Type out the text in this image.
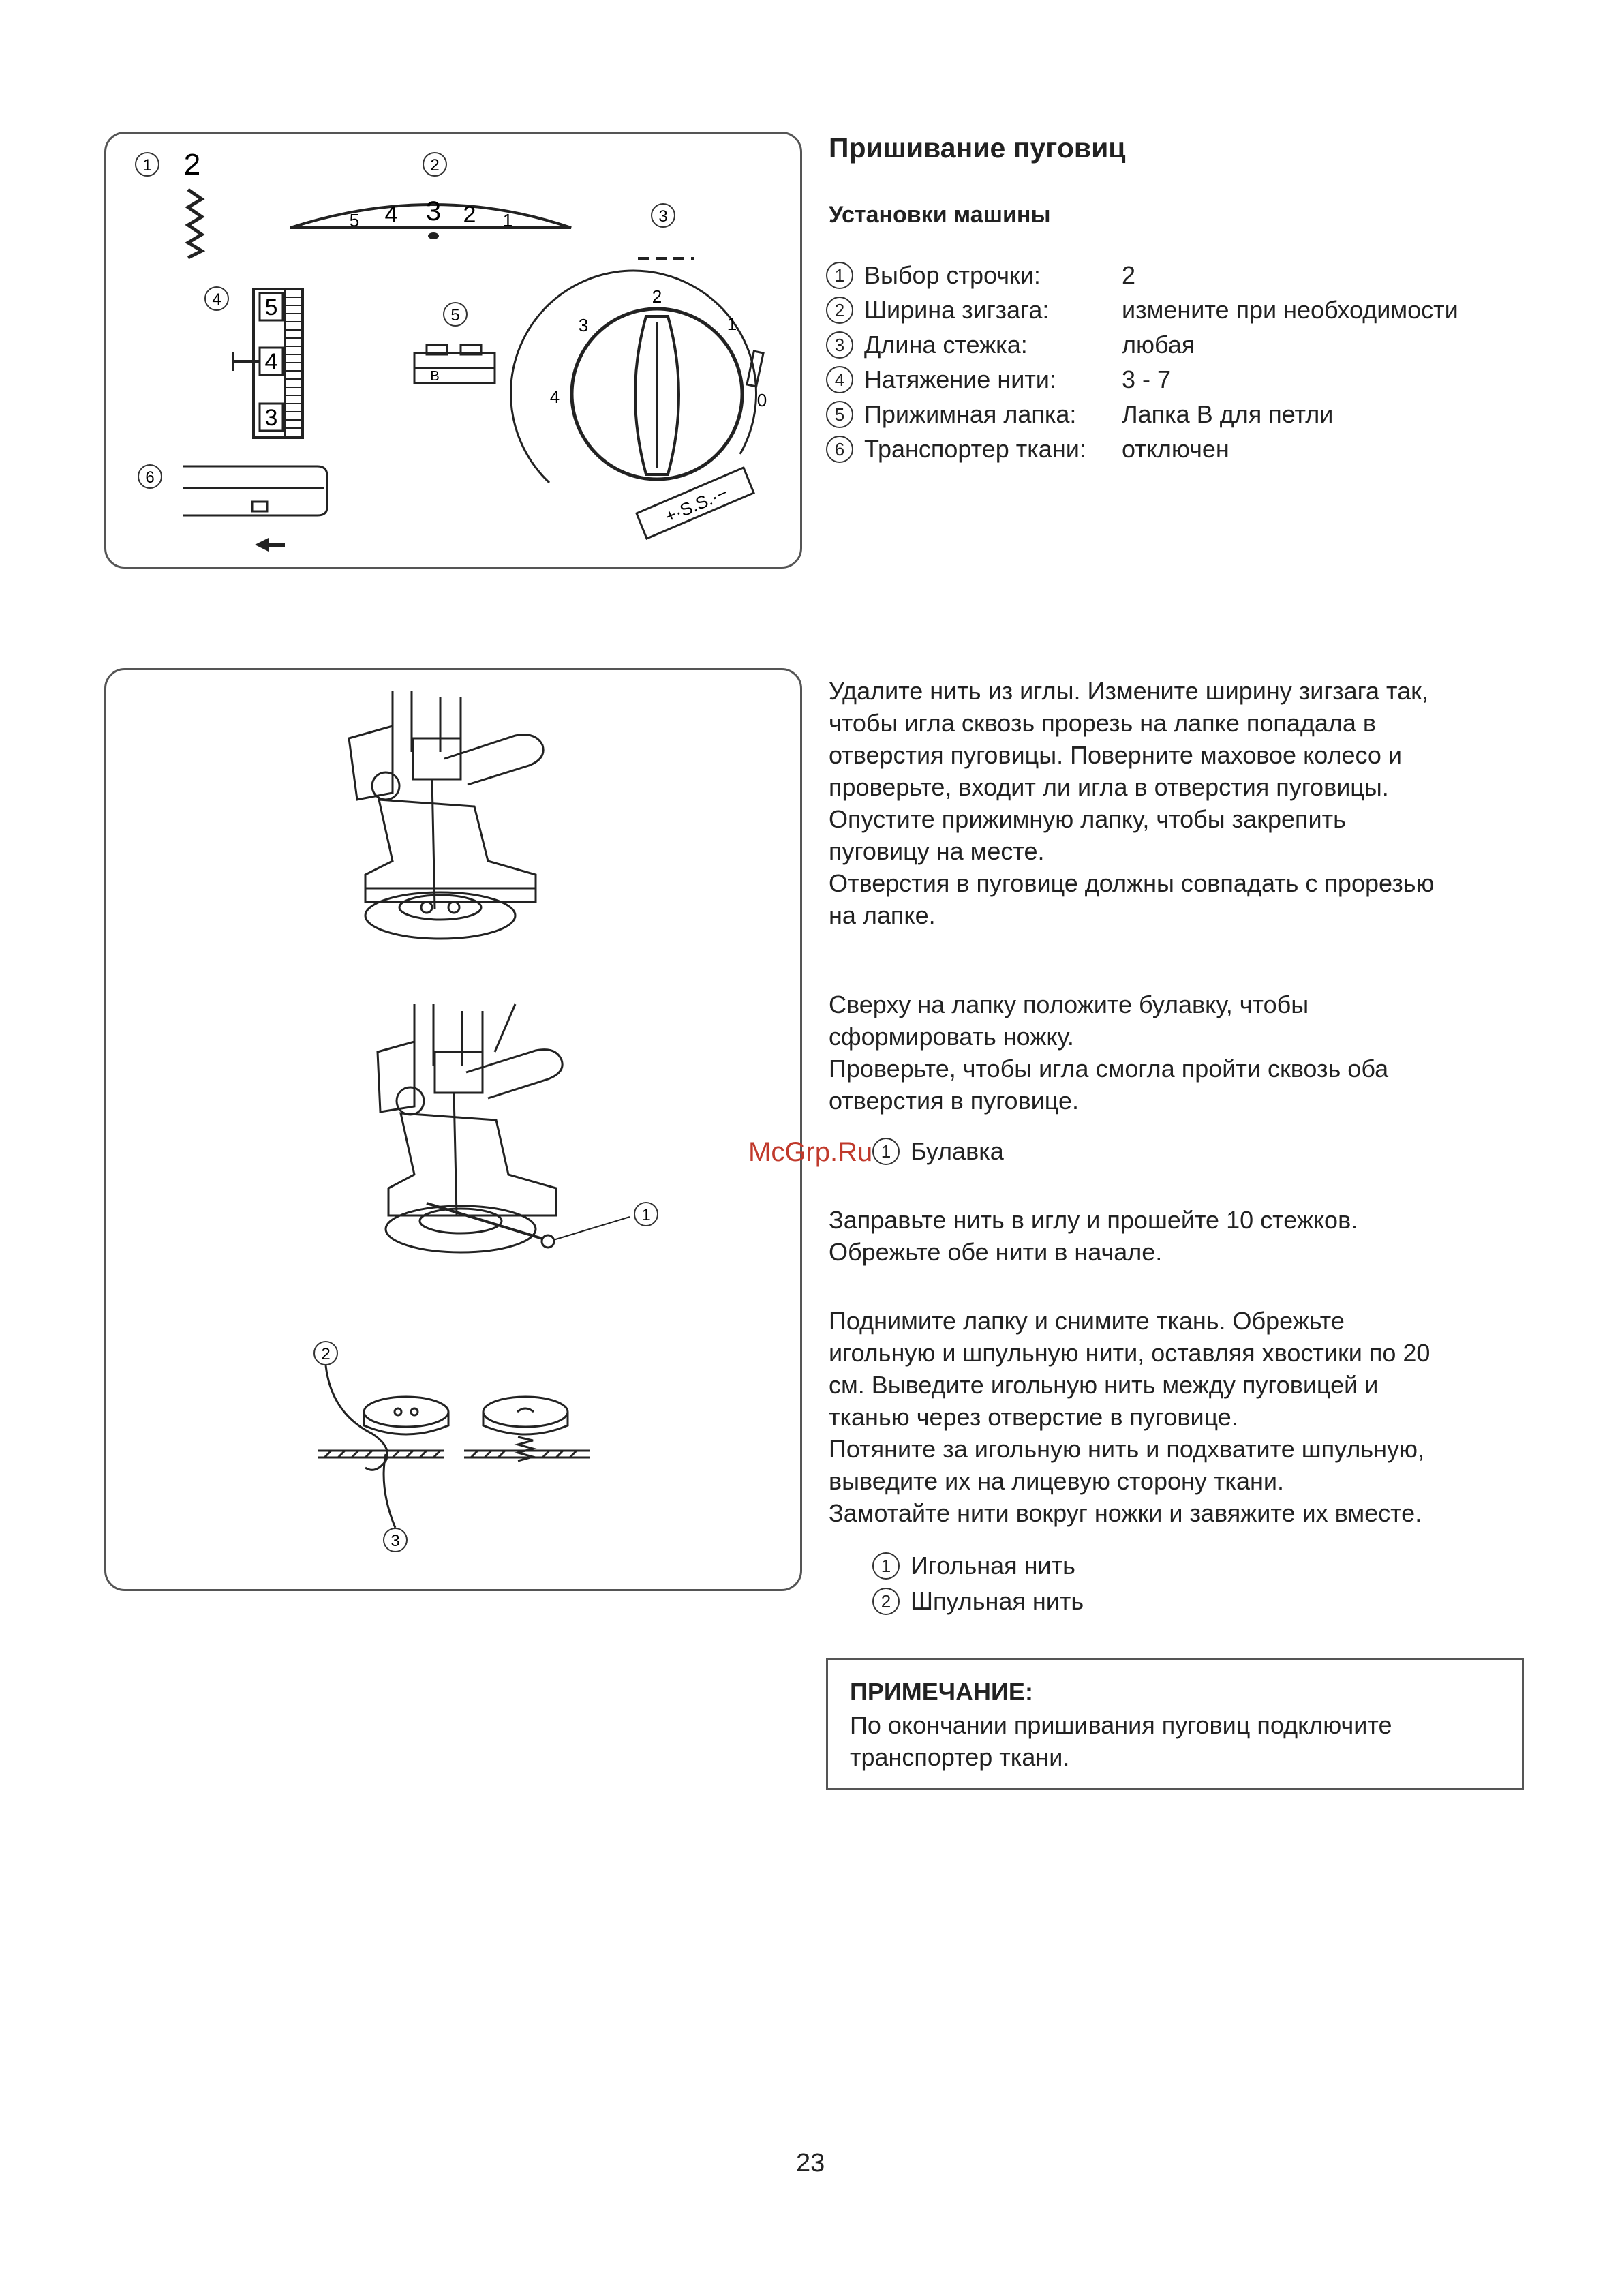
1 2	2
5 4 3 2 1	3
4 5
4
3
5
B
2
3
4
1
0
+·S.S.·−
6
Пришивание пуговиц
Установки машины
1 Выбор строчки:	2
2 Ширина зигзага:	измените при необходимости
3 Длина стежка:	любая
4 Натяжение нити:	3 - 7
5 Прижимная лапка:	Лапка B для петли
6 Транспортер ткани:	отключен
1
2
3
Удалите нить из иглы. Измените ширину зигзага так,
чтобы игла сквозь прорезь на лапке попадала в
отверстия пуговицы. Поверните маховое колесо и
проверьте, входит ли игла в отверстия пуговицы.
Опустите прижимную лапку, чтобы закрепить
пуговицу на месте.
Отверстия в пуговице должны совпадать с прорезью
на лапке.
Сверху на лапку положите булавку, чтобы
сформировать ножку.
Проверьте, чтобы игла смогла пройти сквозь оба
отверстия в пуговице.
1 Булавка

McGrp.Ru

Заправьте нить в иглу и прошейте 10 стежков.
Обрежьте обе нити в начале.
Поднимите лапку и снимите ткань. Обрежьте
игольную и шпульную нити, оставляя хвостики по 20
см. Выведите игольную нить между пуговицей и
тканью через отверстие в пуговице.
Потяните за игольную нить и подхватите шпульную,
выведите их на лицевую сторону ткани.
Замотайте нити вокруг ножки и завяжите их вместе.
1 Игольная нить
2 Шпульная нить
ПРИМЕЧАНИЕ:
По окончании пришивания пуговиц подключите
транспортер ткани.

23
